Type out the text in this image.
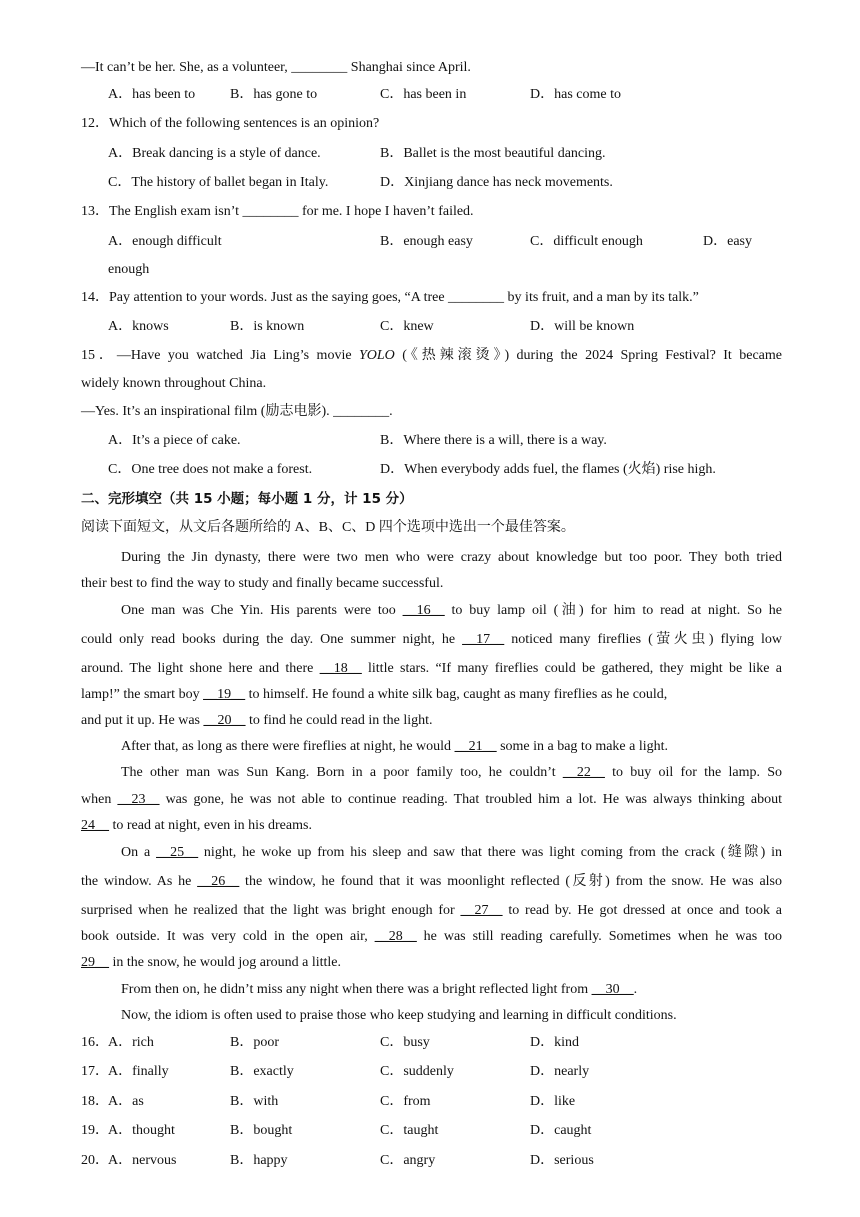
—It can’t be her. She, as a volunteer, ________ Shanghai since April.
A．has been to B．has gone to	C．has been in	D．has come to
12．Which of the following sentences is an opinion?
A．Break dancing is a style of dance.	B．Ballet is the most beautiful dancing.
C．The history of ballet began in Italy.	D．Xinjiang dance has neck movements.
13．The English exam isn’t ________ for me. I hope I haven’t failed.
A．enough difficult	B．enough easy	C．difficult enough	D．easy
enough
14．Pay attention to your words. Just as the saying goes, “A tree ________ by its fruit, and a man by its talk.”
A．knows	B．is known	C．knew	D．will be known
15．—Have you watched Jia Ling’s movie YOLO (《热辣滚烫》) during the 2024 Spring Festival? It became
widely known throughout China.
—Yes. It’s an inspirational film (励志电影). ________.
A．It’s a piece of cake.	B．Where there is a will, there is a way.
C．One tree does not make a forest.	D．When everybody adds fuel, the flames (火焰) rise high.
二、完形填空（共 15 小题；每小题 1 分，计 15 分）
阅读下面短文，从文后各题所给的 A、B、C、D 四个选项中选出一个最佳答案。
During the Jin dynasty, there were two men who were crazy about knowledge but too poor. They both tried
their best to find the way to study and finally became successful.
One man was Che Yin. His parents were too __16__ to buy lamp oil (油) for him to read at night. So he
could only read books during the day. One summer night, he __17__ noticed many fireflies (萤火虫) flying low
around. The light shone here and there __18__ little stars. “If many fireflies could be gathered, they might be like a
lamp!” the smart boy __19__ to himself. He found a white silk bag, caught as many fireflies as he could,
and put it up. He was __20__ to find he could read in the light.
After that, as long as there were fireflies at night, he would __21__ some in a bag to make a light.
The other man was Sun Kang. Born in a poor family too, he couldn’t __22__ to buy oil for the lamp. So
when __23__ was gone, he was not able to continue reading. That troubled him a lot. He was always thinking about
24__ to read at night, even in his dreams.
On a __25__ night, he woke up from his sleep and saw that there was light coming from the crack (缝隙) in
the window. As he __26__ the window, he found that it was moonlight reflected (反射) from the snow. He was also
surprised when he realized that the light was bright enough for __27__ to read by. He got dressed at once and took a
book outside. It was very cold in the open air, __28__ he was still reading carefully. Sometimes when he was too
29__ in the snow, he would jog around a little.
From then on, he didn’t miss any night when there was a bright reflected light from __30__.
Now, the idiom is often used to praise those who keep studying and learning in difficult conditions.
16． A．rich	B．poor	C．busy	D．kind
17． A．finally	B．exactly	C．suddenly	D．nearly
18． A．as	B．with	C．from	D．like
19． A．thought	B．bought	C．taught	D．caught
20． A．nervous	B．happy	C．angry	D．serious
